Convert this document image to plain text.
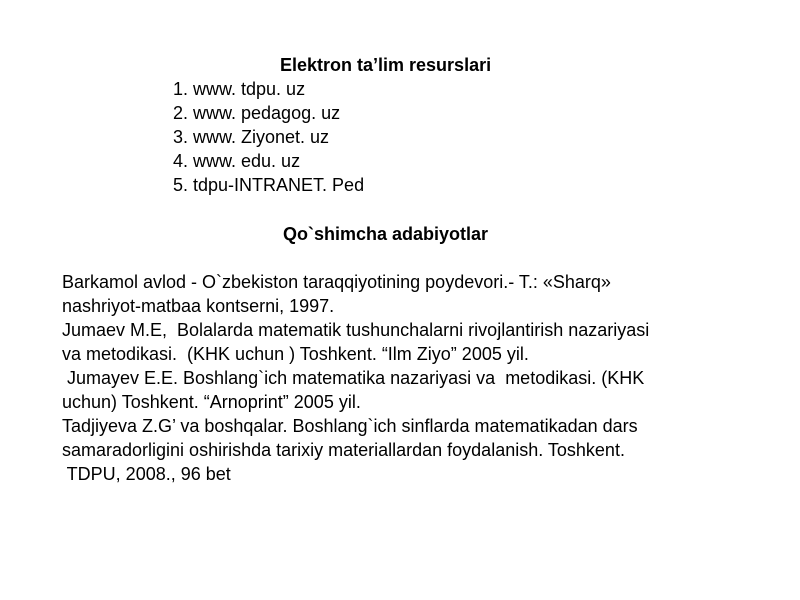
Elektron ta’lim resurslari
1. www. tdpu. uz
2. www. pedagog. uz
3. www. Ziyonet. uz
4. www. edu. uz
5. tdpu-INTRANET. Ped
Qo`shimcha adabiyotlar
Barkamol avlod - O`zbekiston taraqqiyotining poydevori.- T.: «Sharq»
nashriyot-matbaa kontserni, 1997.
Jumaev M.E,  Bolalarda matematik tushunchalarni rivojlantirish nazariyasi
va metodikasi.  (KHK uchun ) Toshkent. “Ilm Ziyo” 2005 yil.
Jumayev E.E. Boshlang`ich matematika nazariyasi va  metodikasi. (KHK
uchun) Toshkent. “Arnoprint” 2005 yil.
Tadjiyeva Z.G’ va boshqalar. Boshlang`ich sinflarda matematikadan dars
samaradorligini oshirishda tarixiy materiallardan foydalanish. Toshkent.
TDPU, 2008., 96 bet
